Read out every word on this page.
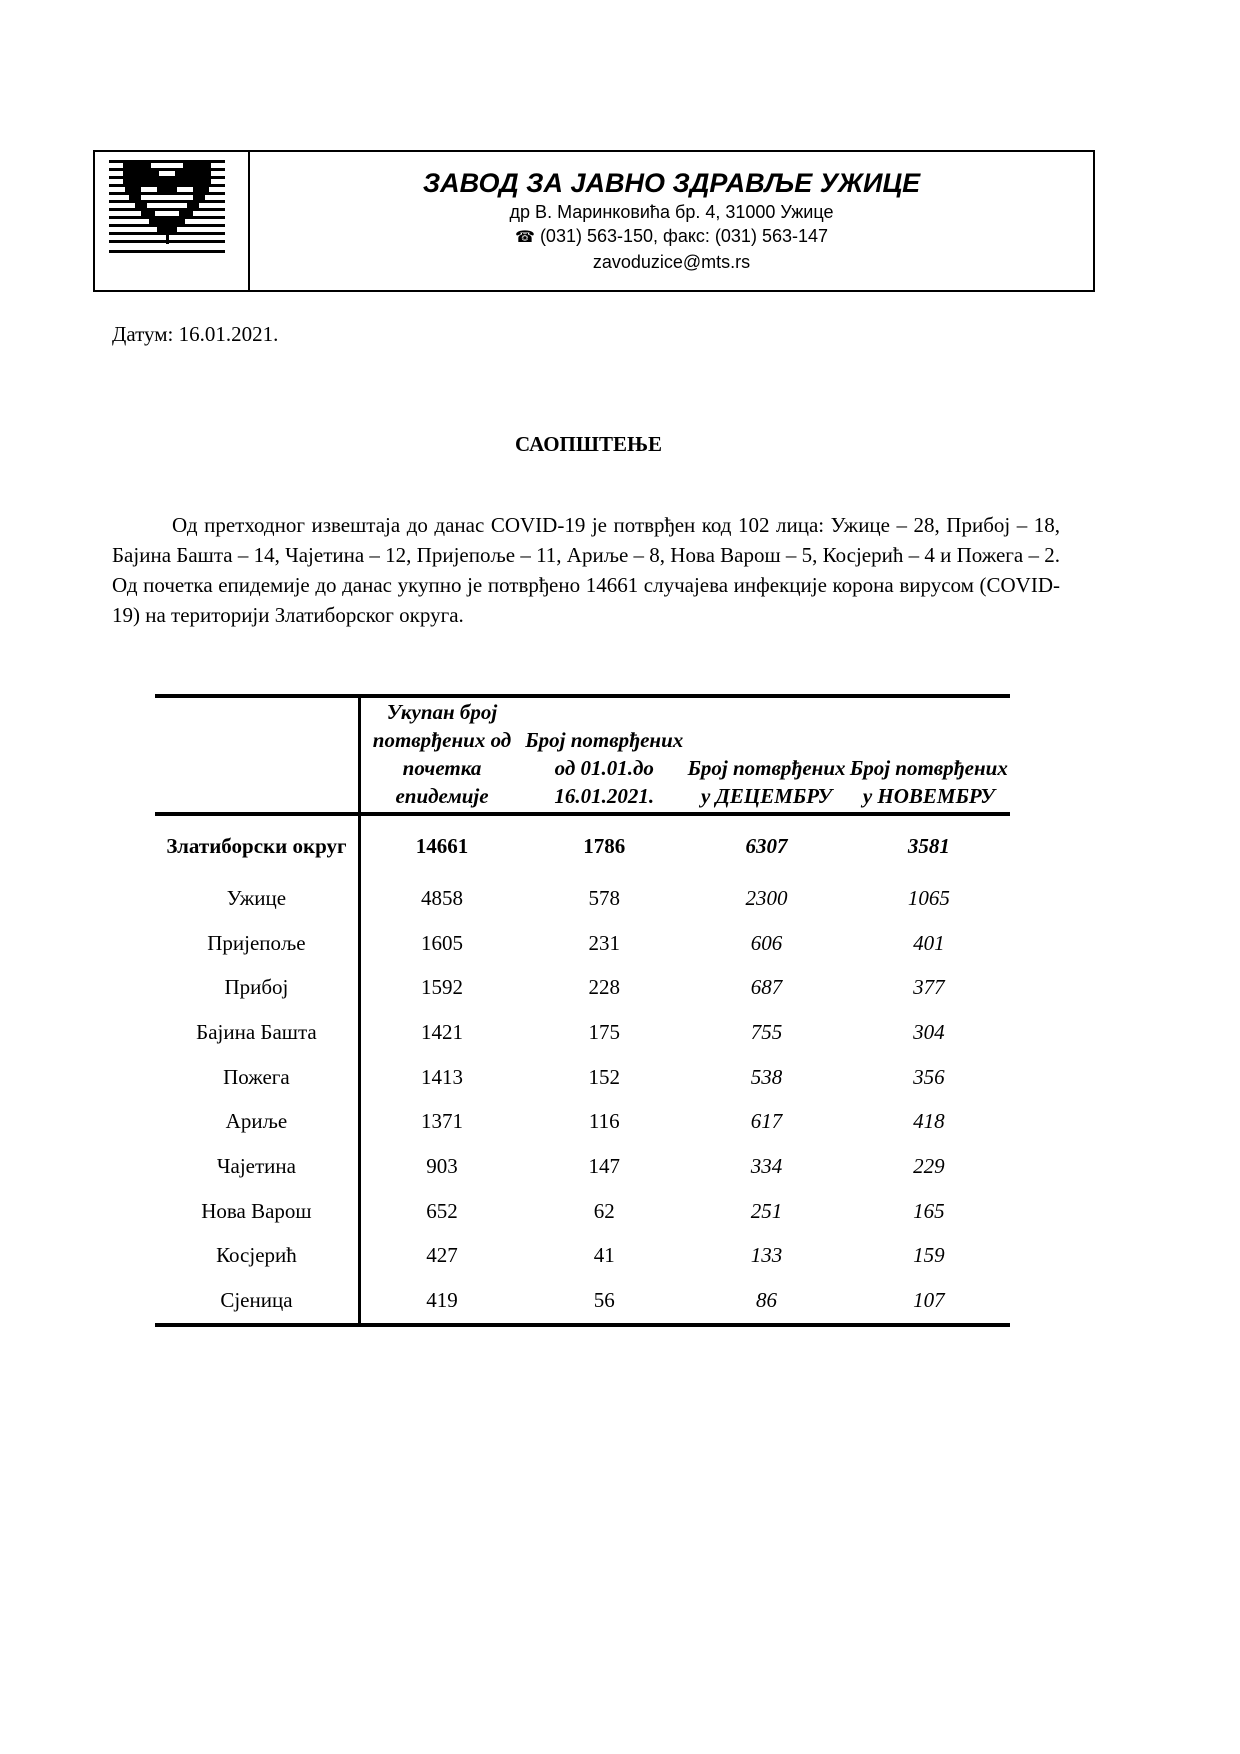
ЗАВОД ЗА ЈАВНО ЗДРАВЉЕ УЖИЦЕ
др В. Маринковића бр. 4, 31000 Ужице
☎ (031) 563-150, факс: (031) 563-147
zavoduzice@mts.rs
Датум: 16.01.2021.
САОПШТЕЊЕ

Од претходног извештаја до данас COVID-19 је потврђен код 102 лица: Ужице – 28, Прибој – 18, Бајина Башта – 14, Чајетина – 12, Пријепоље – 11, Ариље – 8, Нова Варош – 5, Косјерић – 4 и Пожега – 2. Од почетка епидемије до данас укупно је потврђено 14661 случајева инфекције корона вирусом (COVID-19) на територији Златиборског округа.

	Укупан број потврђених од почетка епидемије	Број потврђених од 01.01.до 16.01.2021.	Број потврђених у ДЕЦЕМБРУ	Број потврђених у НОВЕМБРУ
Златиборски округ	14661	1786	6307	3581
Ужице	4858	578	2300	1065
Пријепоље	1605	231	606	401
Прибој	1592	228	687	377
Бајина Башта	1421	175	755	304
Пожега	1413	152	538	356
Ариље	1371	116	617	418
Чајетина	903	147	334	229
Нова Варош	652	62	251	165
Косјерић	427	41	133	159
Сјеница	419	56	86	107
